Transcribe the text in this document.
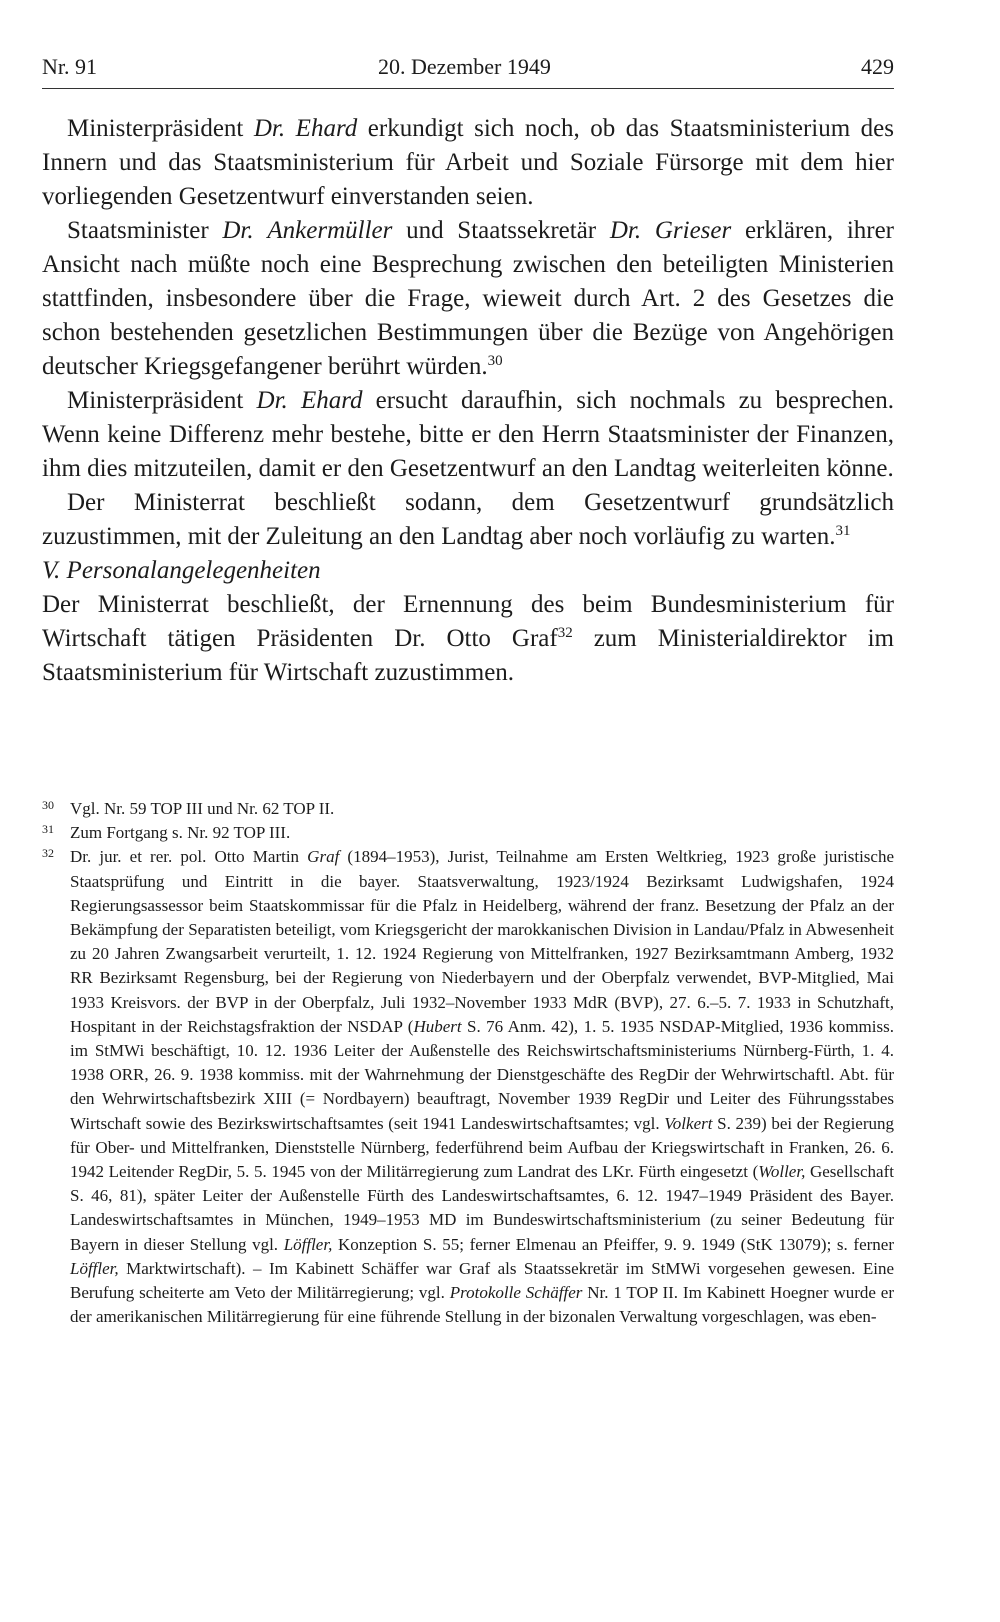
Nr. 91	20. Dezember 1949	429

Ministerpräsident Dr. Ehard erkundigt sich noch, ob das Staatsministerium des Innern und das Staatsministerium für Arbeit und Soziale Fürsorge mit dem hier vorliegenden Gesetzentwurf einverstanden seien.

Staatsminister Dr. Ankermüller und Staatssekretär Dr. Grieser erklären, ihrer Ansicht nach müßte noch eine Besprechung zwischen den beteiligten Ministerien stattfinden, insbesondere über die Frage, wieweit durch Art. 2 des Gesetzes die schon bestehenden gesetzlichen Bestimmungen über die Bezüge von Angehörigen deutscher Kriegsgefangener berührt würden.$^{30}$

Ministerpräsident Dr. Ehard ersucht daraufhin, sich nochmals zu besprechen. Wenn keine Differenz mehr bestehe, bitte er den Herrn Staatsminister der Finanzen, ihm dies mitzuteilen, damit er den Gesetzentwurf an den Landtag weiterleiten könne.

Der Ministerrat beschließt sodann, dem Gesetzentwurf grundsätzlich zuzustimmen, mit der Zuleitung an den Landtag aber noch vorläufig zu warten.$^{31}$

V. Personalangelegenheiten

Der Ministerrat beschließt, der Ernennung des beim Bundesministerium für Wirtschaft tätigen Präsidenten Dr. Otto Graf$^{32}$ zum Ministerialdirektor im Staatsministerium für Wirtschaft zuzustimmen.

30 Vgl. Nr. 59 TOP III und Nr. 62 TOP II.
31 Zum Fortgang s. Nr. 92 TOP III.
32 Dr. jur. et rer. pol. Otto Martin Graf (1894–1953), Jurist, Teilnahme am Ersten Weltkrieg, 1923 große juristische Staatsprüfung und Eintritt in die bayer. Staatsverwaltung, 1923/1924 Bezirksamt Ludwigshafen, 1924 Regierungsassessor beim Staatskommissar für die Pfalz in Heidelberg, während der franz. Besetzung der Pfalz an der Bekämpfung der Separatisten beteiligt, vom Kriegsgericht der marokkanischen Division in Landau/Pfalz in Abwesenheit zu 20 Jahren Zwangsarbeit verurteilt, 1. 12. 1924 Regierung von Mittelfranken, 1927 Bezirksamtmann Amberg, 1932 RR Bezirksamt Regensburg, bei der Regierung von Niederbayern und der Oberpfalz verwendet, BVP-Mitglied, Mai 1933 Kreisvors. der BVP in der Oberpfalz, Juli 1932–November 1933 MdR (BVP), 27. 6.–5. 7. 1933 in Schutzhaft, Hospitant in der Reichstagsfraktion der NSDAP (Hubert S. 76 Anm. 42), 1. 5. 1935 NSDAP-Mitglied, 1936 kommiss. im StMWi beschäftigt, 10. 12. 1936 Leiter der Außenstelle des Reichswirtschaftsministeriums Nürnberg-Fürth, 1. 4. 1938 ORR, 26. 9. 1938 kommiss. mit der Wahrnehmung der Dienstgeschäfte des RegDir der Wehrwirtschaftl. Abt. für den Wehrwirtschaftsbezirk XIII (= Nordbayern) beauftragt, November 1939 RegDir und Leiter des Führungsstabes Wirtschaft sowie des Bezirkswirtschaftsamtes (seit 1941 Landeswirtschaftsamtes; vgl. Volkert S. 239) bei der Regierung für Ober- und Mittelfranken, Dienststelle Nürnberg, federführend beim Aufbau der Kriegswirtschaft in Franken, 26. 6. 1942 Leitender RegDir, 5. 5. 1945 von der Militärregierung zum Landrat des LKr. Fürth eingesetzt (Woller, Gesellschaft S. 46, 81), später Leiter der Außenstelle Fürth des Landeswirtschaftsamtes, 6. 12. 1947–1949 Präsident des Bayer. Landeswirtschaftsamtes in München, 1949–1953 MD im Bundeswirtschaftsministerium (zu seiner Bedeutung für Bayern in dieser Stellung vgl. Löffler, Konzeption S. 55; ferner Elmenau an Pfeiffer, 9. 9. 1949 (StK 13079); s. ferner Löffler, Marktwirtschaft). – Im Kabinett Schäffer war Graf als Staatssekretär im StMWi vorgesehen gewesen. Eine Berufung scheiterte am Veto der Militärregierung; vgl. Protokolle Schäffer Nr. 1 TOP II. Im Kabinett Hoegner wurde er der amerikanischen Militärregierung für eine führende Stellung in der bizonalen Verwaltung vorgeschlagen, was eben-
